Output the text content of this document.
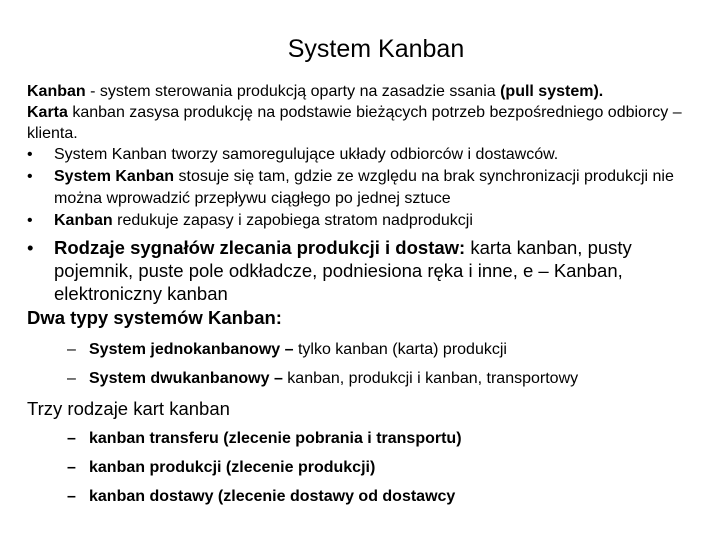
System Kanban
Kanban - system sterowania produkcją oparty na zasadzie ssania (pull system).
Karta kanban zasysa produkcję na podstawie bieżących potrzeb bezpośredniego odbiorcy – klienta.
•	System Kanban tworzy samoregulujące układy odbiorców i dostawców.
•	System Kanban stosuje się tam, gdzie ze względu na brak synchronizacji produkcji nie można wprowadzić przepływu ciągłego po jednej sztuce
•	Kanban redukuje zapasy i zapobiega stratom nadprodukcji
•	Rodzaje sygnałów zlecania produkcji i dostaw: karta kanban, pusty pojemnik, puste pole odkładcze, podniesiona ręka i inne, e – Kanban, elektroniczny kanban
Dwa typy systemów Kanban:
– System jednokanbanowy – tylko kanban (karta) produkcji
– System dwukanbanowy – kanban, produkcji i kanban, transportowy
Trzy rodzaje kart kanban
– kanban transferu (zlecenie pobrania i transportu)
– kanban produkcji (zlecenie produkcji)
– kanban dostawy (zlecenie dostawy od dostawcy
